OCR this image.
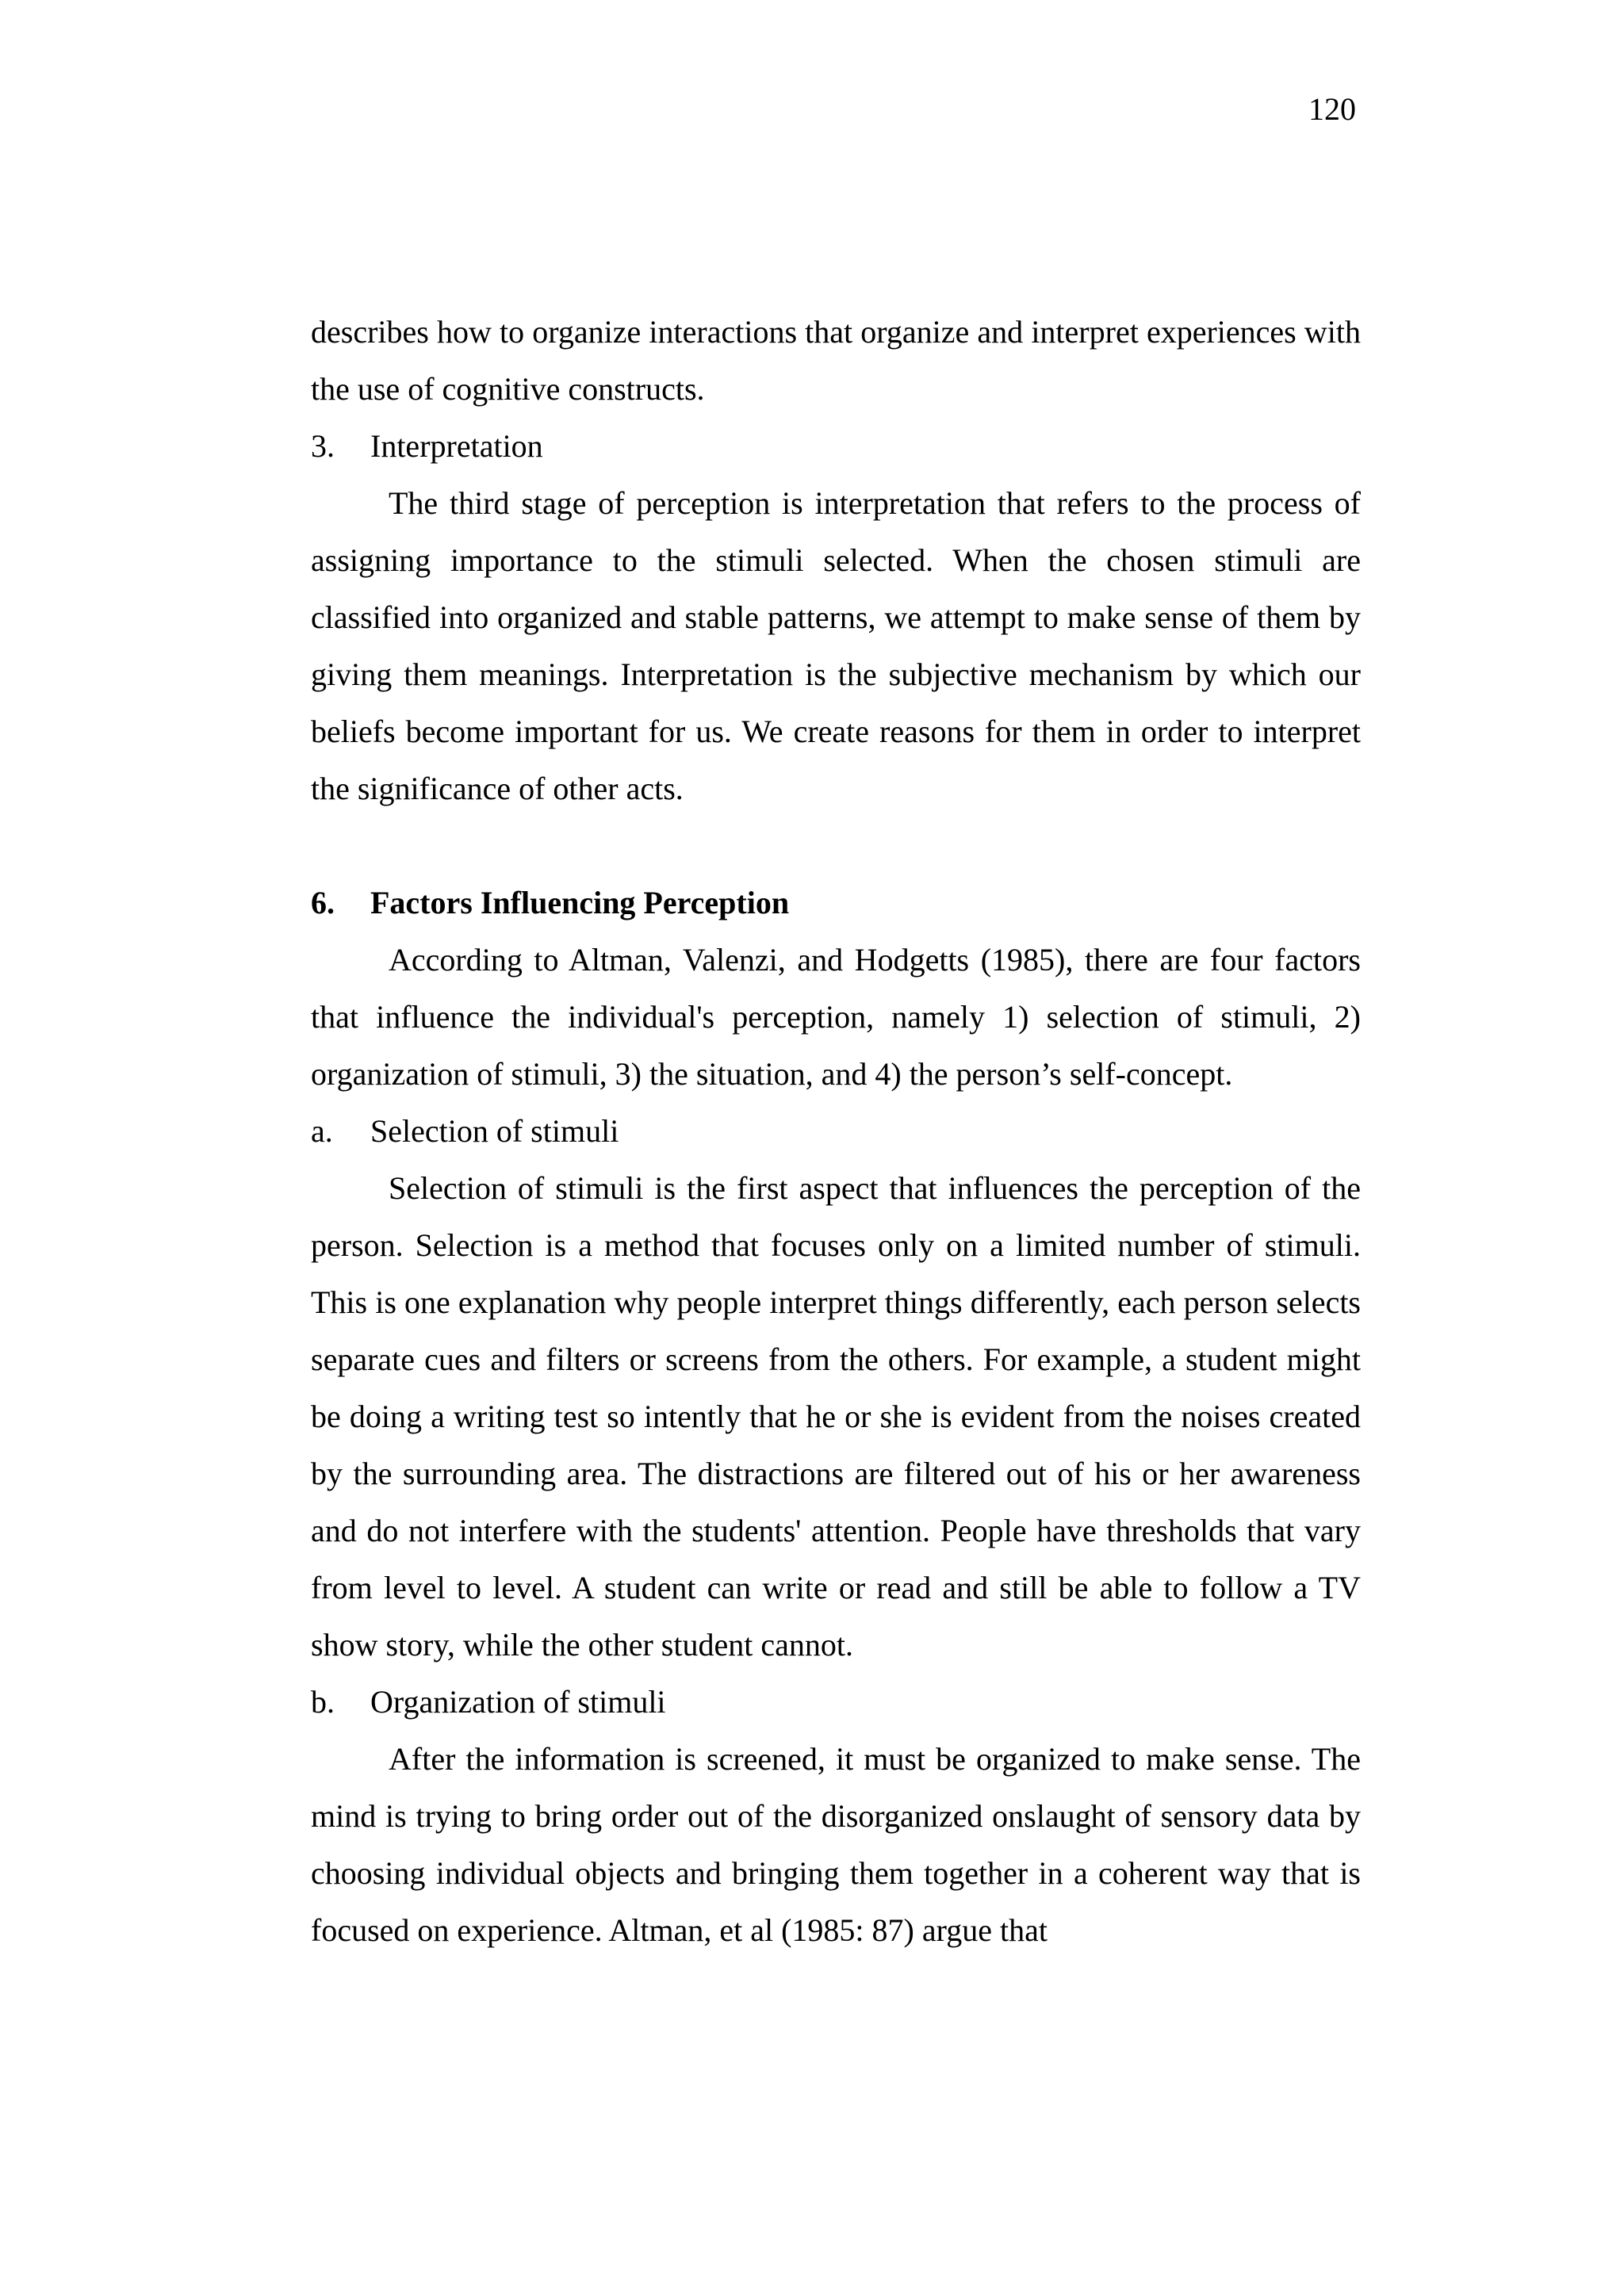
120

describes how to organize interactions that organize and interpret experiences with the use of cognitive constructs.

3.	Interpretation

The third stage of perception is interpretation that refers to the process of assigning importance to the stimuli selected. When the chosen stimuli are classified into organized and stable patterns, we attempt to make sense of them by giving them meanings. Interpretation is the subjective mechanism by which our beliefs become important for us. We create reasons for them in order to interpret the significance of other acts.

6.	Factors Influencing Perception

According to Altman, Valenzi, and Hodgetts (1985), there are four factors that influence the individual's perception, namely 1) selection of stimuli, 2) organization of stimuli, 3) the situation, and 4) the person’s self-concept.

a.	Selection of stimuli

Selection of stimuli is the first aspect that influences the perception of the person. Selection is a method that focuses only on a limited number of stimuli. This is one explanation why people interpret things differently, each person selects separate cues and filters or screens from the others. For example, a student might be doing a writing test so intently that he or she is evident from the noises created by the surrounding area. The distractions are filtered out of his or her awareness and do not interfere with the students' attention. People have thresholds that vary from level to level. A student can write or read and still be able to follow a TV show story, while the other student cannot.

b.	Organization of stimuli

After the information is screened, it must be organized to make sense. The mind is trying to bring order out of the disorganized onslaught of sensory data by choosing individual objects and bringing them together in a coherent way that is focused on experience. Altman, et al (1985: 87) argue that
